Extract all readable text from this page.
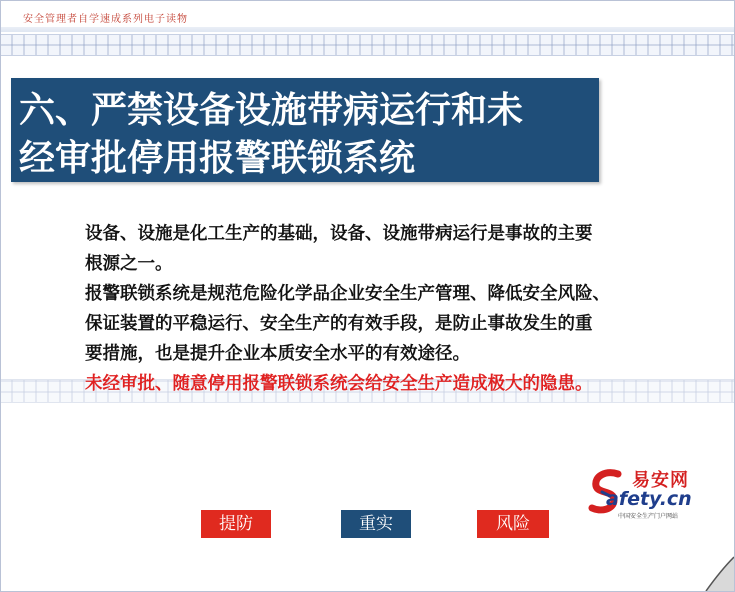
安全管理者自学速成系列电子读物
六、严禁设备设施带病运行和未
经审批停用报警联锁系统

设备、设施是化工生产的基础，设备、设施带病运行是事故的主要

根源之一。

报警联锁系统是规范危险化学品企业安全生产管理、降低安全风险、

保证装置的平稳运行、安全生产的有效手段，是防止事故发生的重

要措施，也是提升企业本质安全水平的有效途径。

未经审批、随意停用报警联锁系统会给安全生产造成极大的隐患。

易安网
afety.cn
中国安全生产门户网站
提防	重实	风险
